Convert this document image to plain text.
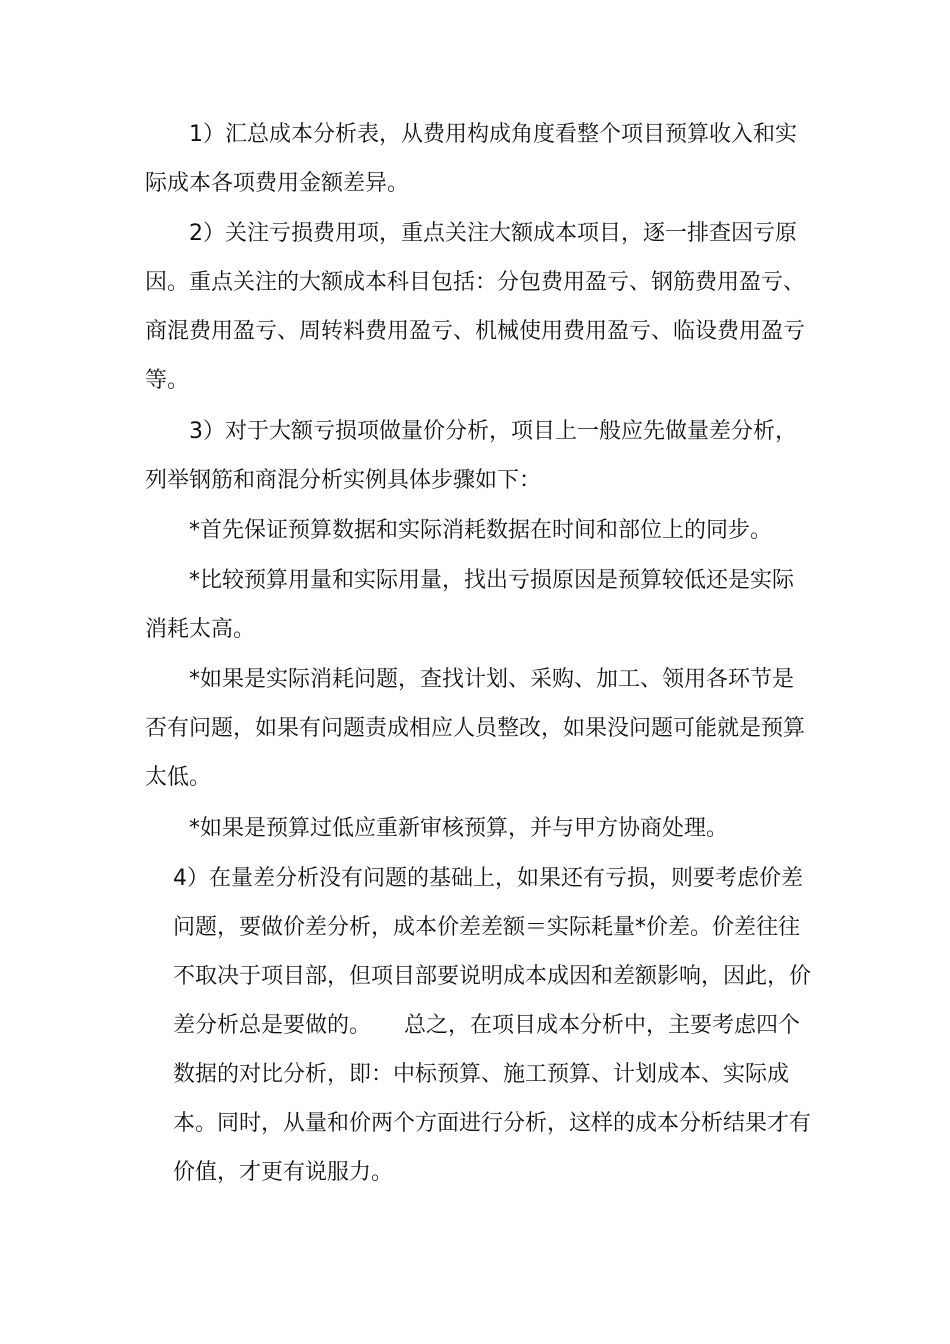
1）汇总成本分析表，从费用构成角度看整个项目预算收入和实际成本各项费用金额差异。

2）关注亏损费用项，重点关注大额成本项目，逐一排查因亏原因。重点关注的大额成本科目包括：分包费用盈亏、钢筋费用盈亏、商混费用盈亏、周转料费用盈亏、机械使用费用盈亏、临设费用盈亏等。

3）对于大额亏损项做量价分析，项目上一般应先做量差分析，列举钢筋和商混分析实例具体步骤如下：

*首先保证预算数据和实际消耗数据在时间和部位上的同步。

*比较预算用量和实际用量，找出亏损原因是预算较低还是实际消耗太高。

*如果是实际消耗问题，查找计划、采购、加工、领用各环节是否有问题，如果有问题责成相应人员整改，如果没问题可能就是预算太低。

*如果是预算过低应重新审核预算，并与甲方协商处理。

4）在量差分析没有问题的基础上，如果还有亏损，则要考虑价差问题，要做价差分析，成本价差差额＝实际耗量*价差。价差往往不取决于项目部，但项目部要说明成本成因和差额影响，因此，价差分析总是要做的。　　总之，在项目成本分析中，主要考虑四个数据的对比分析，即：中标预算、施工预算、计划成本、实际成本。同时，从量和价两个方面进行分析，这样的成本分析结果才有价值，才更有说服力。
